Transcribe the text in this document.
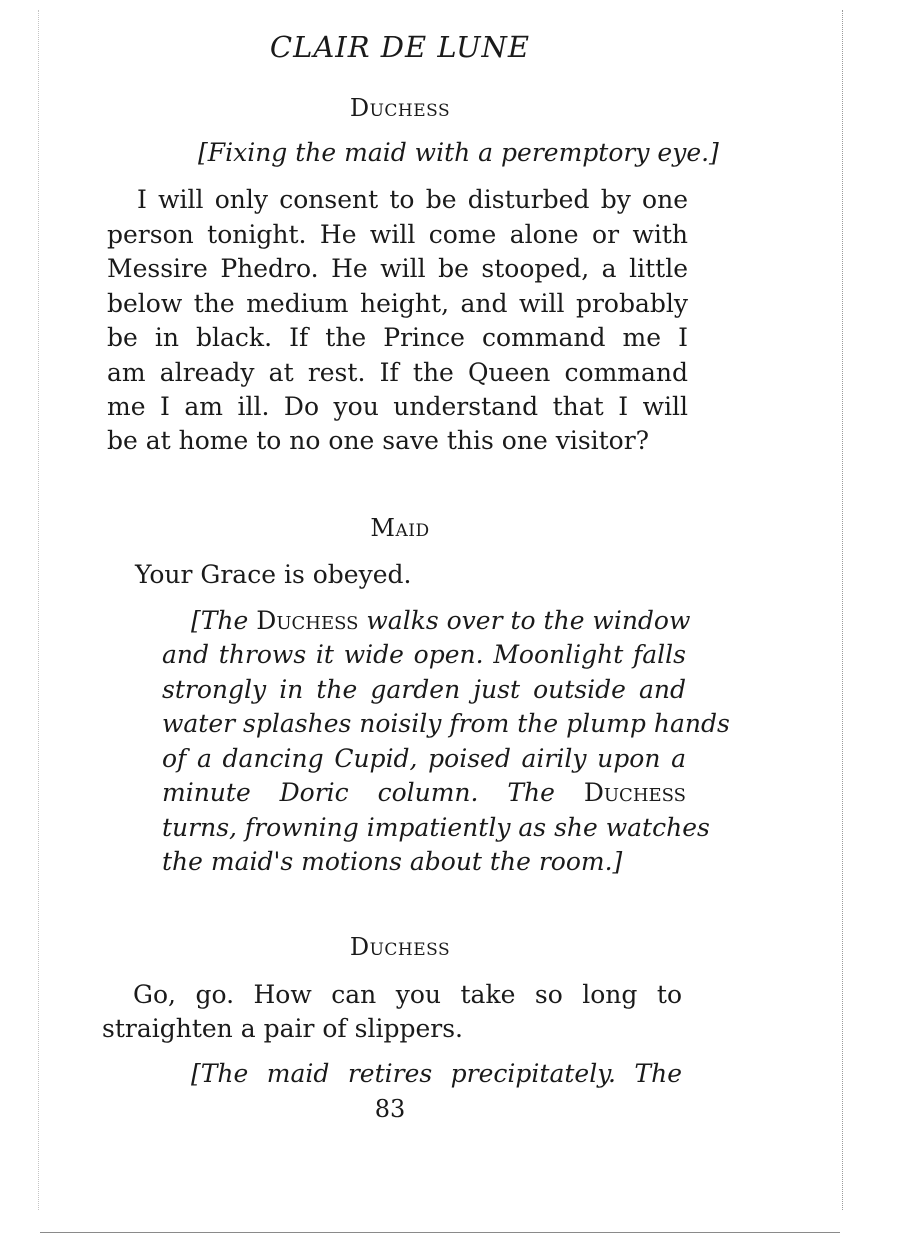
CLAIR DE LUNE
Duchess
[Fixing the maid with a peremptory eye.]
I will only consent to be disturbed by one
person tonight. He will come alone or with
Messire Phedro. He will be stooped, a little
below the medium height, and will probably
be in black. If the Prince command me I
am already at rest. If the Queen command
me I am ill. Do you understand that I will
be at home to no one save this one visitor?
Maid
Your Grace is obeyed.
[The Duchess walks over to the window
and throws it wide open. Moonlight falls
strongly in the garden just outside and
water splashes noisily from the plump hands
of a dancing Cupid, poised airily upon a
minute Doric column. The Duchess
turns, frowning impatiently as she watches
the maid's motions about the room.]
Duchess
Go, go. How can you take so long to
straighten a pair of slippers.
[The maid retires precipitately. The
83
